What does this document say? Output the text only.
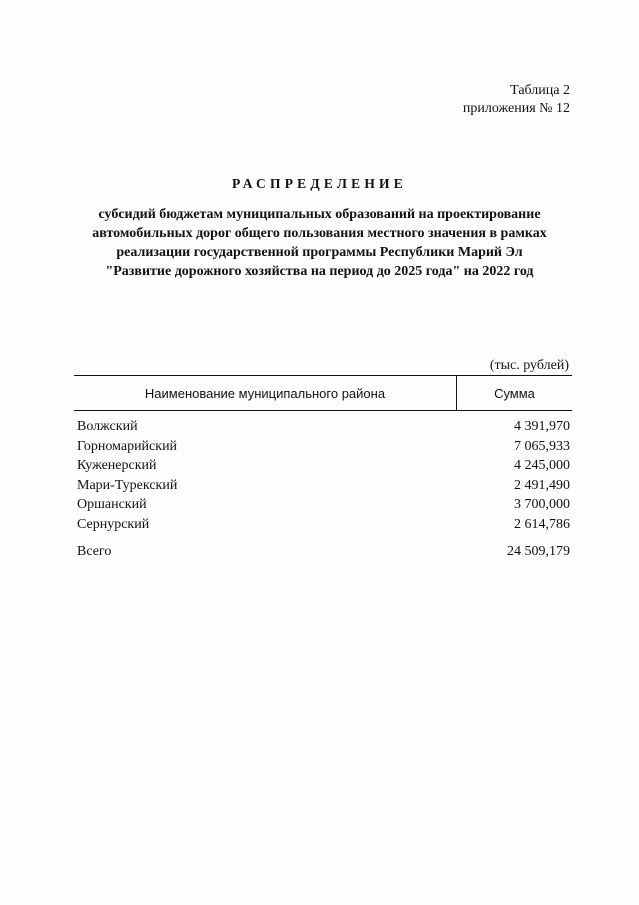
Таблица 2
приложения № 12
РАСПРЕДЕЛЕНИЕ
субсидий бюджетам муниципальных образований на проектирование
автомобильных дорог общего пользования местного значения в рамках
реализации государственной программы Республики Марий Эл
"Развитие дорожного хозяйства на период до 2025 года" на 2022 год
(тыс. рублей)
Наименование муниципального района	Сумма
Волжский	4 391,970
Горномарийский	7 065,933
Куженерский	4 245,000
Мари-Турекский	2 491,490
Оршанский	3 700,000
Сернурский	2 614,786
Всего	24 509,179
